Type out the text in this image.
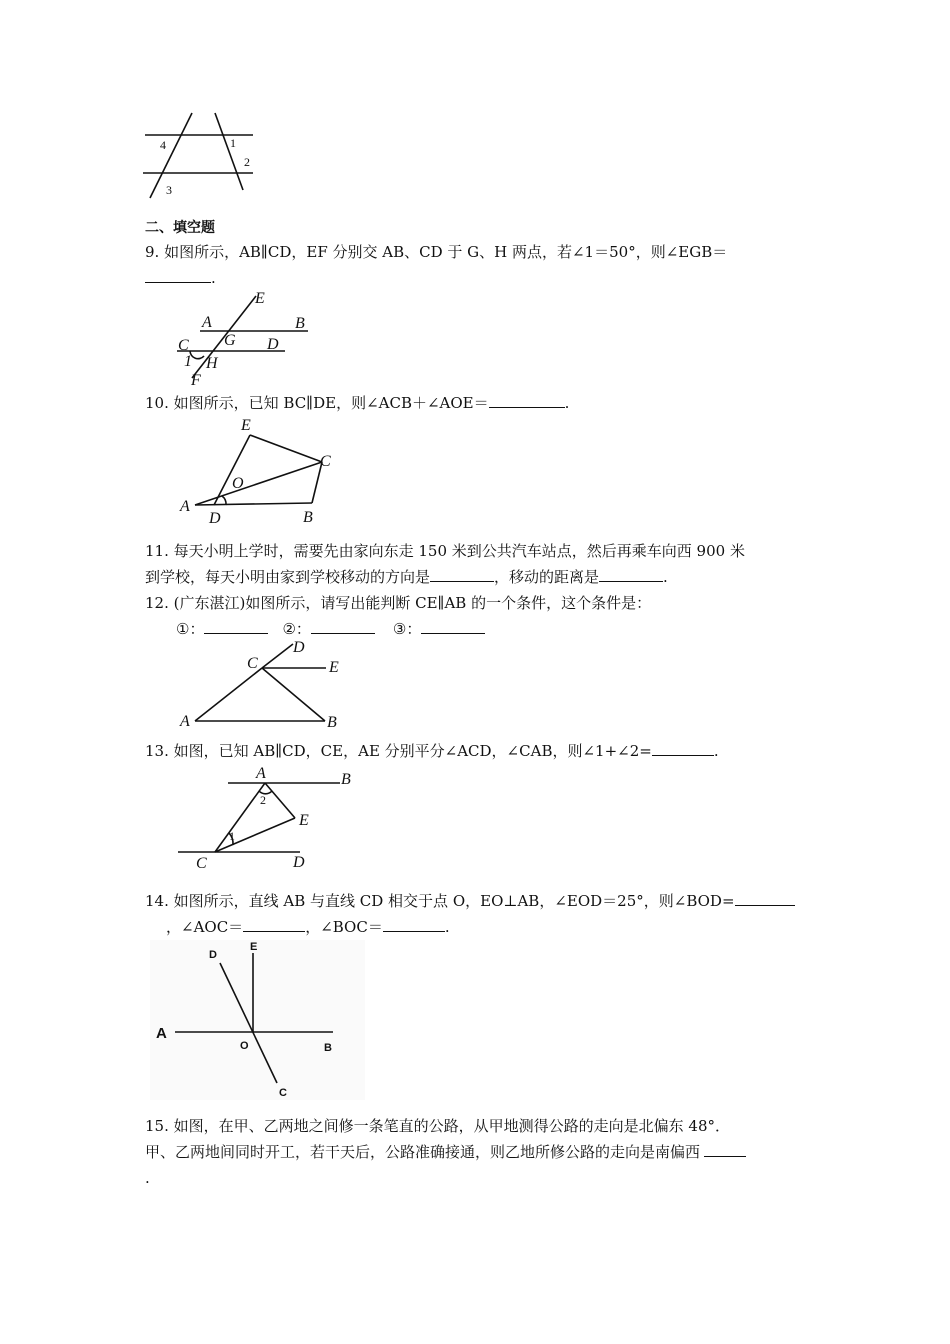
4	1
2
3
二、填空题
9. 如图所示，AB∥CD，EF 分别交 AB、CD 于 G、H 两点，若∠1＝50°，则∠EGB＝
.
E
A	B
G
C	D
1 H
F
10. 如图所示，已知 BC∥DE，则∠ACB＋∠AOE＝	.
E
C
O
A
D	B
11. 每天小明上学时，需要先由家向东走 150 米到公共汽车站点，然后再乘车向西 900 米
到学校，每天小明由家到学校移动的方向是	，移动的距离是	.
12. (广东湛江)如图所示，请写出能判断 CE∥AB 的一个条件，这个条件是：
①：	②：	③：
D
C	E
A	B
13. 如图，已知 AB∥CD，CE，AE 分别平分∠ACD，∠CAB，则∠1+∠2=	.
A	B
2
E
1
C	D
14. 如图所示，直线 AB 与直线 CD 相交于点 O，EO⊥AB，∠EOD＝25°，则∠BOD=
，∠AOC＝	，∠BOC＝	.
D
E
A
O	B
C
15. 如图，在甲、乙两地之间修一条笔直的公路，从甲地测得公路的走向是北偏东 48°．
甲、乙两地间同时开工，若干天后，公路准确接通，则乙地所修公路的走向是南偏西
.
